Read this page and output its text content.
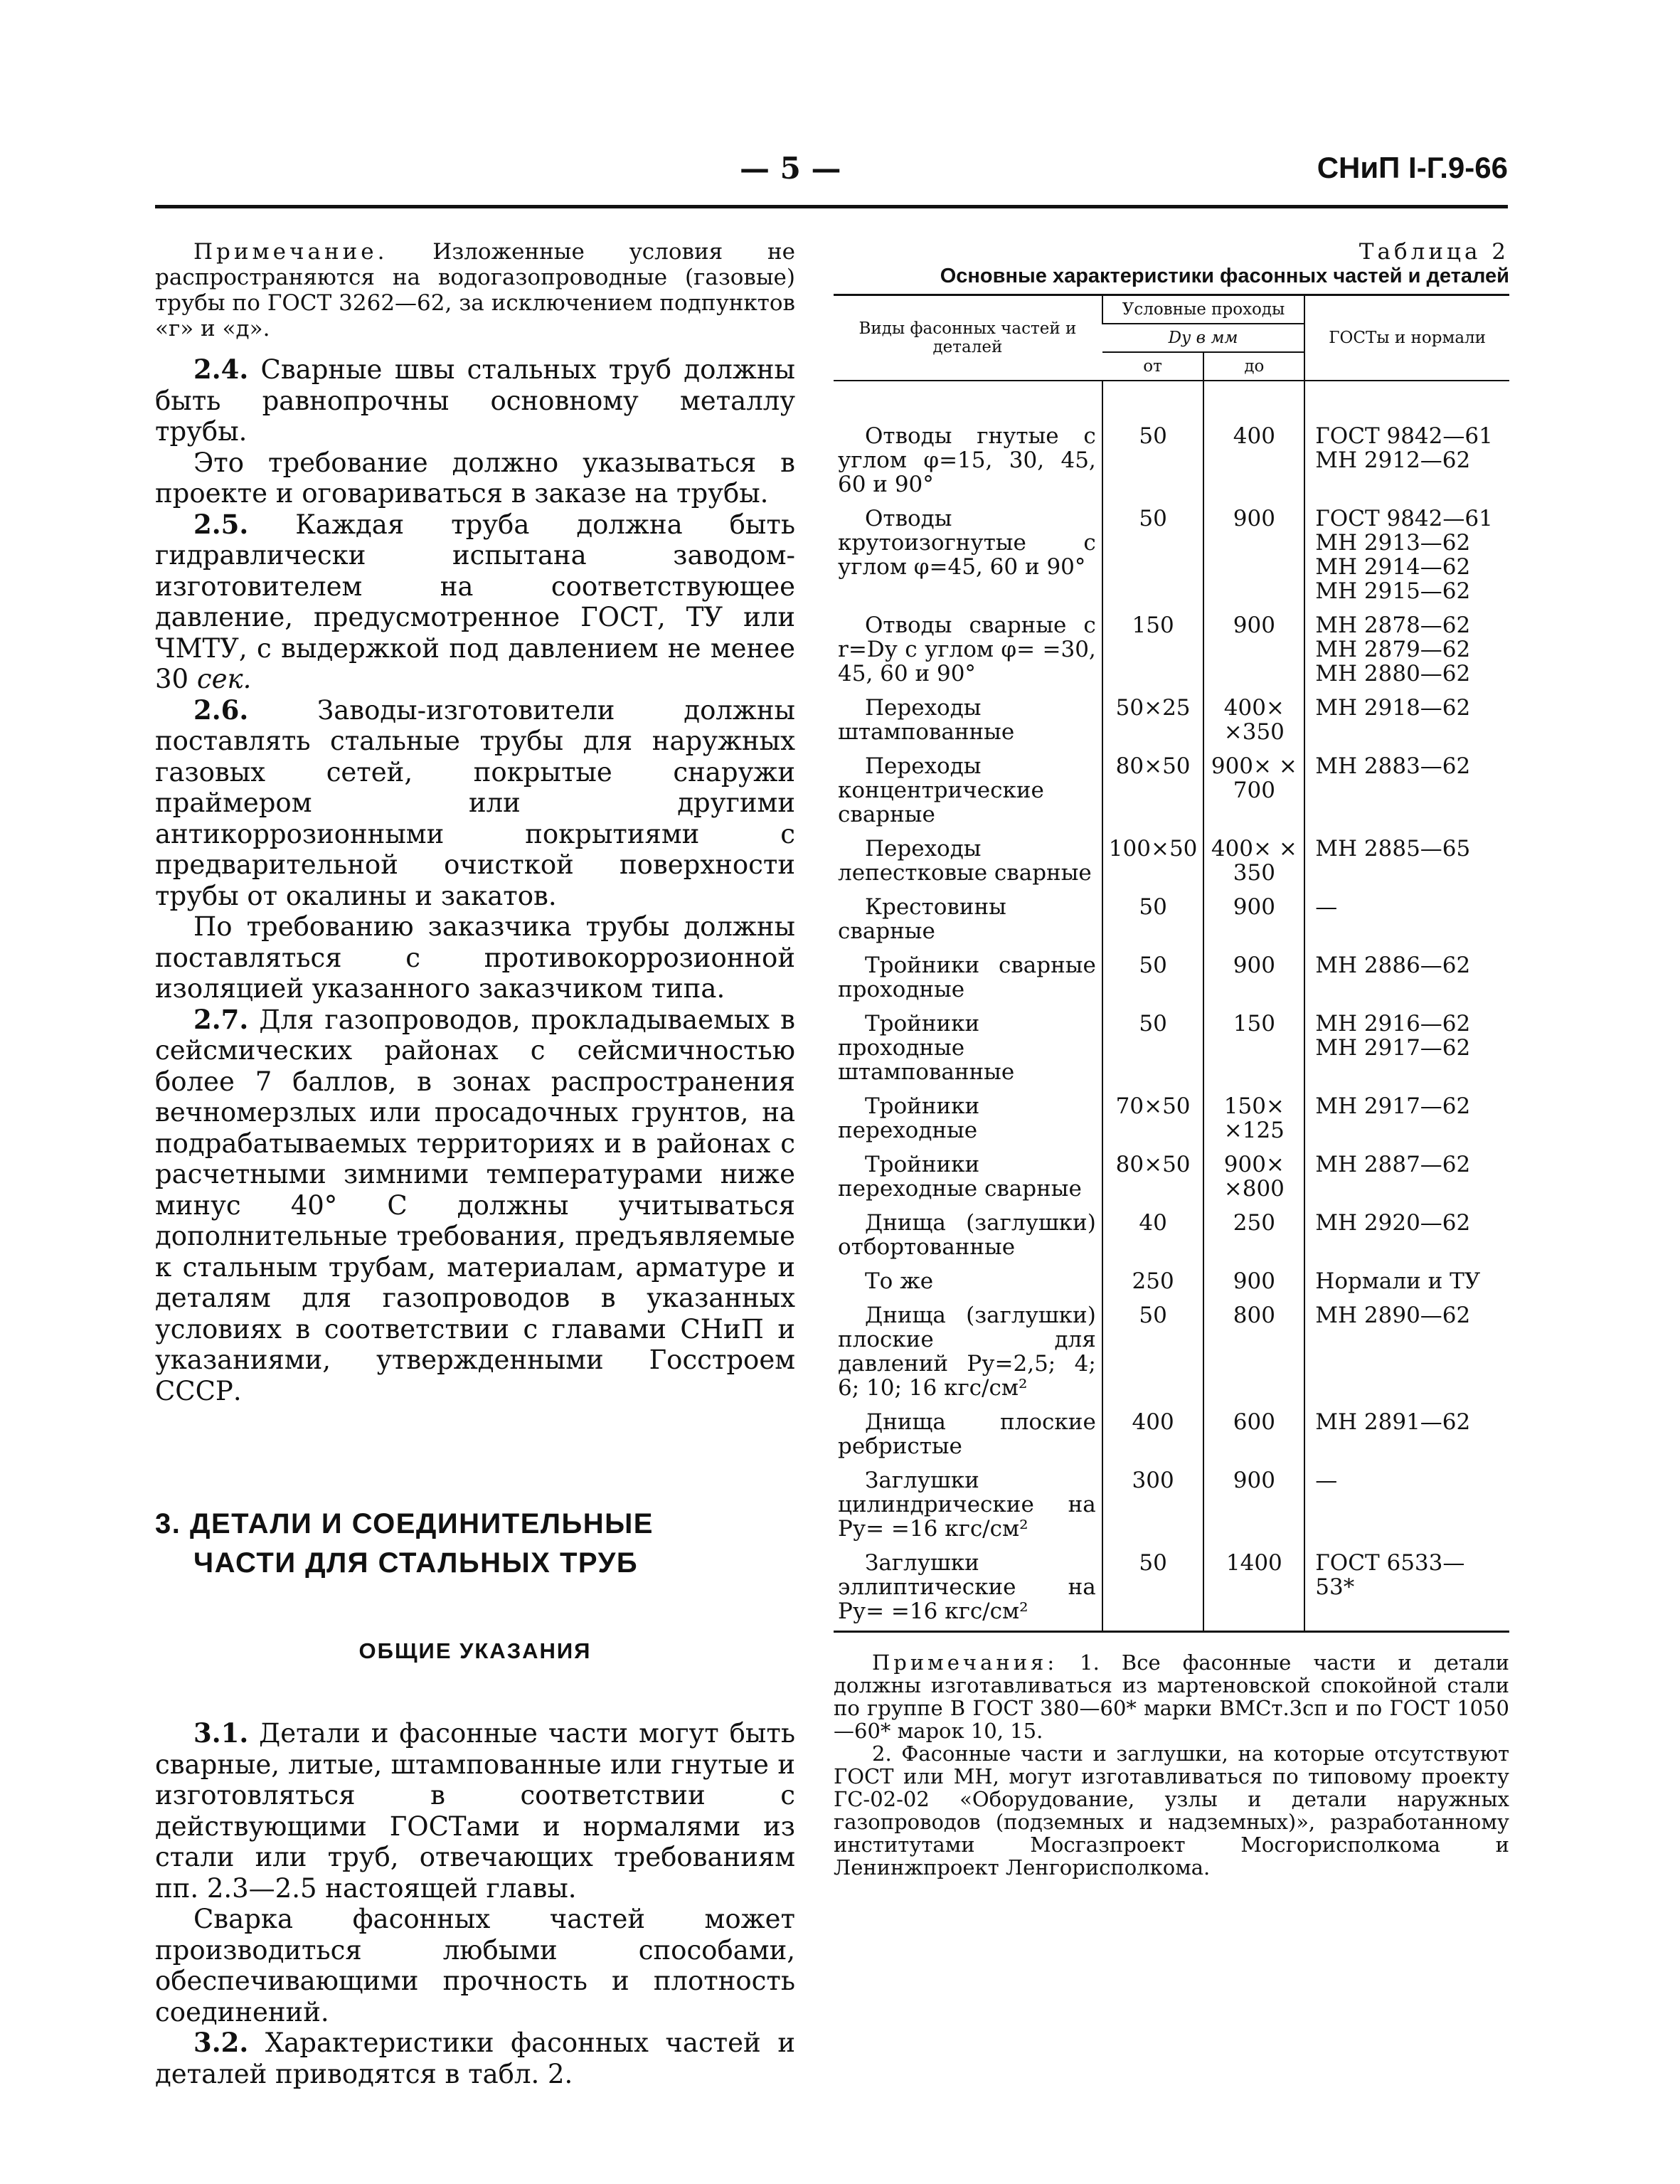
— 5 —	СНиП I-Г.9-66

Примечание. Изложенные условия не распространяются на водогазопроводные (газовые) трубы по ГОСТ 3262—62, за исключением подпунктов «г» и «д».

2.4. Сварные швы стальных труб должны быть равнопрочны основному металлу трубы.

Это требование должно указываться в проекте и оговариваться в заказе на трубы.

2.5. Каждая труба должна быть гидравлически испытана заводом-изготовителем на соответствующее давление, предусмотренное ГОСТ, ТУ или ЧМТУ, с выдержкой под давлением не менее 30 сек.

2.6.	Заводы-изготовители должны поставлять стальные трубы для наружных газовых сетей, покрытые снаружи праймером или другими антикоррозионными покрытиями с предварительной очисткой поверхности трубы от окалины и закатов.

По требованию заказчика трубы должны поставляться с противокоррозионной изоляцией указанного заказчиком типа.

2.7. Для газопроводов, прокладываемых в сейсмических районах с сейсмичностью более 7 баллов, в зонах распространения вечномерзлых или просадочных грунтов, на подрабатываемых территориях и в районах с расчетными зимними температурами ниже минус 40° С должны учитываться дополнительные требования, предъявляемые к стальным трубам, материалам, арматуре и деталям для газопроводов в указанных условиях в соответствии с главами СНиП и указаниями, утвержденными Госстроем СССР.

3. ДЕТАЛИ И СОЕДИНИТЕЛЬНЫЕ

ЧАСТИ ДЛЯ СТАЛЬНЫХ ТРУБ

ОБЩИЕ УКАЗАНИЯ

3.1. Детали и фасонные части могут быть сварные, литые, штампованные или гнутые и изготовляться в соответствии с действующими ГОСТами и нормалями из стали или труб, отвечающих требованиям пп. 2.3—2.5 настоящей главы.

Сварка фасонных частей может производиться любыми способами, обеспечивающими прочность и плотность соединений.

3.2. Характеристики фасонных частей и деталей приводятся в табл. 2.

Таблица 2

Основные характеристики фасонных частей и деталей

Виды фасонных частей и деталей	Условные проходы		ГОСТы и нормали
	Dу в мм		
	от	до	
Отводы гнутые с углом φ=15, 30, 45, 60 и 90°	50	400	ГОСТ 9842—61 МН 2912—62
Отводы крутоизогнутые с углом φ=45, 60 и 90°	50	900	ГОСТ 9842—61 МН 2913—62 МН 2914—62 МН 2915—62
Отводы сварные с r=Dу с углом φ= =30, 45, 60 и 90°	150	900	МН 2878—62 МН 2879—62 МН 2880—62
Переходы штампованные	50×25	400× ×350	МН 2918—62
Переходы концентрические сварные	80×50	900× × 700	МН 2883—62
Переходы лепестковые сварные	100×50	400× × 350	МН 2885—65
Крестовины сварные	50	900	—
Тройники сварные проходные	50	900	МН 2886—62
Тройники проходные штампованные	50	150	МН 2916—62 МН 2917—62
Тройники переходные	70×50	150× ×125	МН 2917—62
Тройники переходные сварные	80×50	900× ×800	МН 2887—62
Днища (заглушки) отбортованные	40	250	МН 2920—62
То же	250	900	Нормали и ТУ
Днища (заглушки) плоские для давлений Pу=2,5; 4; 6; 10; 16 кгс/см²	50	800	МН 2890—62
Днища плоские ребристые	400	600	МН 2891—62
Заглушки цилиндрические на Pу= =16 кгс/см²	300	900	—
Заглушки эллиптические на Pу= =16 кгс/см²	50	1400	ГОСТ 6533—53*

Примечания: 1. Все фасонные части и детали должны изготавливаться из мартеновской спокойной стали по группе В ГОСТ 380—60* марки ВМСт.3сп и по ГОСТ 1050—60* марок 10, 15.

2. Фасонные части и заглушки, на которые отсутствуют ГОСТ или МН, могут изготавливаться по типовому проекту ГС-02-02 «Оборудование, узлы и детали наружных газопроводов (подземных и надземных)», разработанному институтами Мосгазпроект Мосгорисполкома и Ленинжпроект Ленгорисполкома.
